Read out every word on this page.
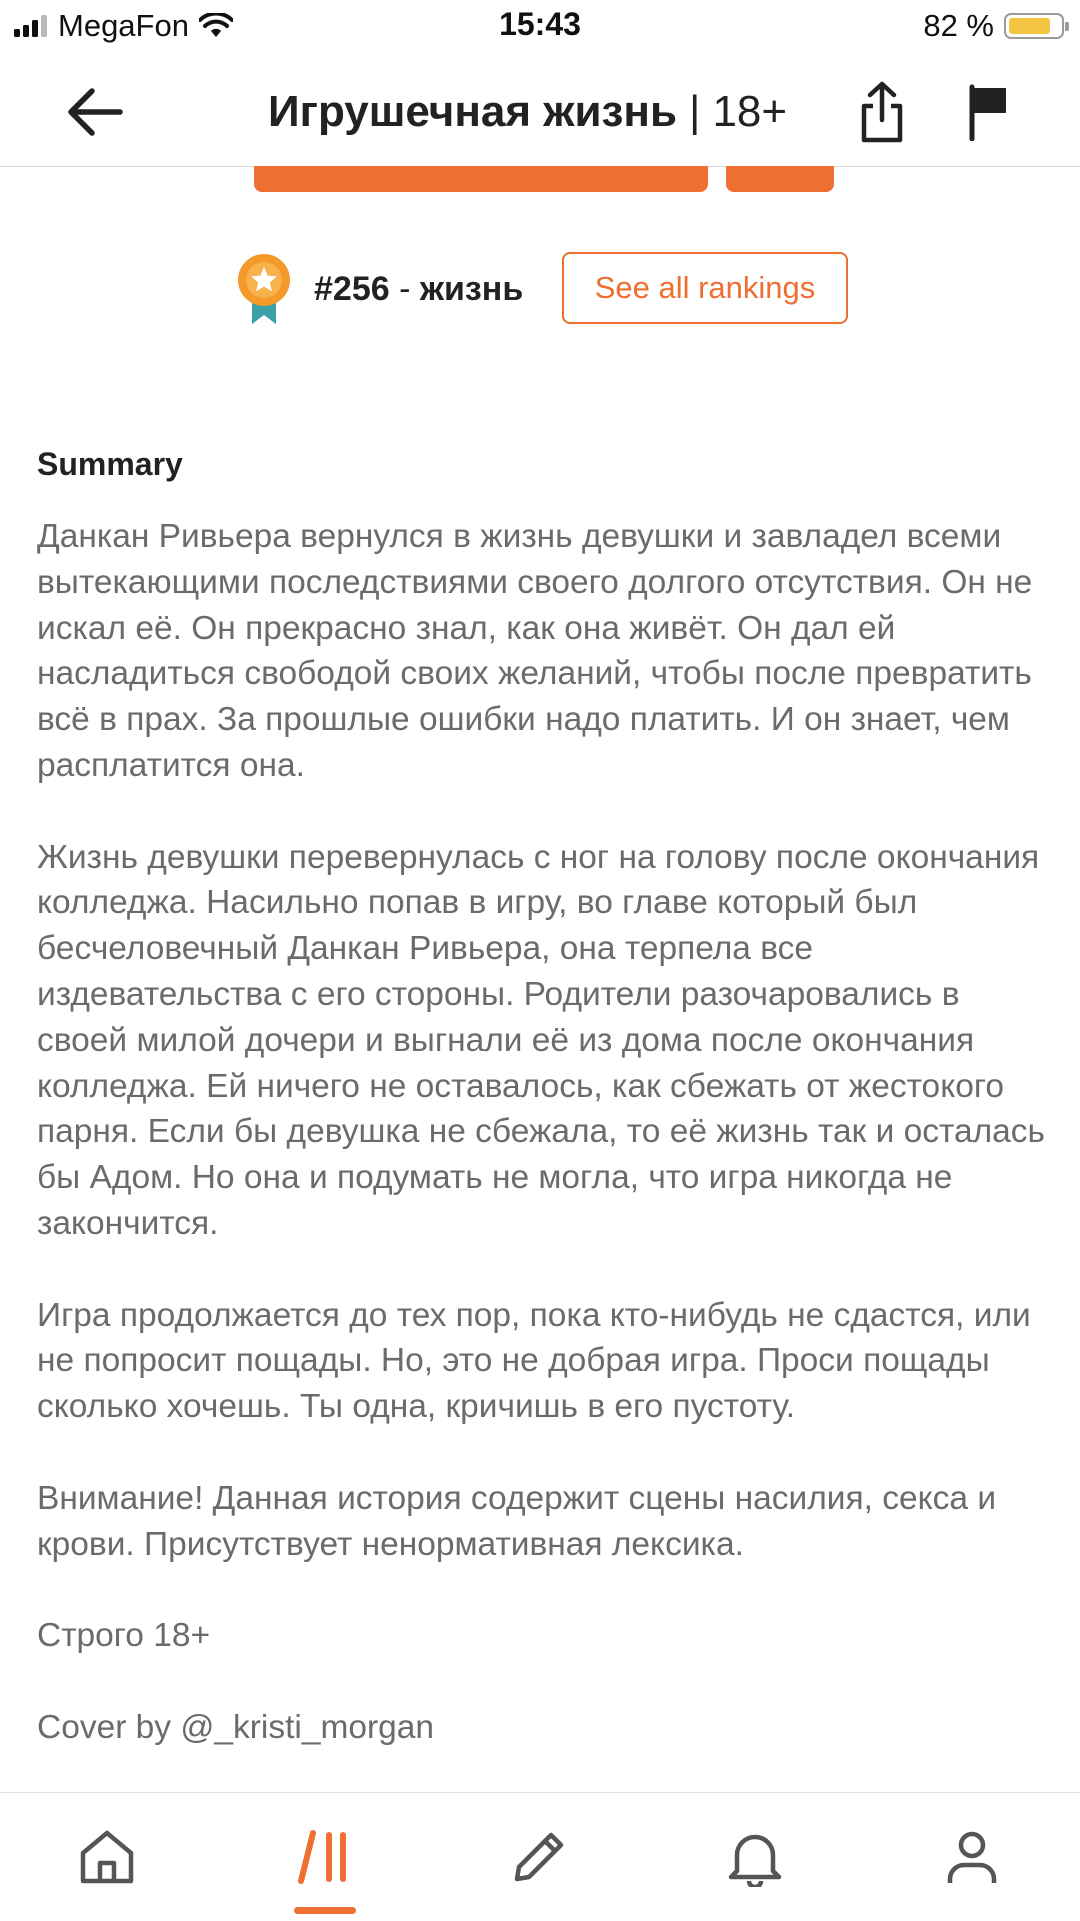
MegaFon	15:43	82 %
Игрушечная жизнь | 18+
#256 - жизнь	See all rankings
Summary

Данкан Ривьера вернулся в жизнь девушки и завладел всеми вытекающими последствиями своего долгого отсутствия. Он не искал её. Он прекрасно знал, как она живёт. Он дал ей насладиться свободой своих желаний, чтобы после превратить всё в прах. За прошлые ошибки надо платить. И он знает, чем расплатится она.

Жизнь девушки перевернулась с ног на голову после окончания колледжа. Насильно попав в игру, во главе который был бесчеловечный Данкан Ривьера, она терпела все издевательства с его стороны. Родители разочаровались в своей милой дочери и выгнали её из дома после окончания колледжа. Ей ничего не оставалось, как сбежать от жестокого парня. Если бы девушка не сбежала, то её жизнь так и осталась бы Адом. Но она и подумать не могла, что игра никогда не закончится.

Игра продолжается до тех пор, пока кто-нибудь не сдастся, или не попросит пощады. Но, это не добрая игра. Проси пощады сколько хочешь. Ты одна, кричишь в его пустоту.

Внимание! Данная история содержит сцены насилия, секса и крови. Присутствует ненормативная лексика.

Строго 18+

Cover by @_kristi_morgan
